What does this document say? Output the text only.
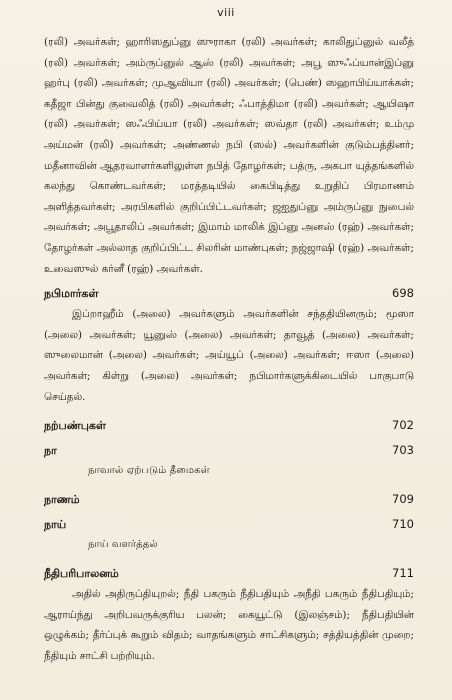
viii

(ரலி) அவர்கள்; ஹாரிஸதுப்னு ஸுராகா (ரலி) அவர்கள்; காலிதுப்னுல் வலீத் (ரலி) அவர்கள்; அம்ருப்னுல் ஆஸ் (ரலி) அவர்கள்; அபூ ஸுஃப்யான்இப்னு ஹர்பு (ரலி) அவர்கள்; முஆவியா (ரலி) அவர்கள்; (பெண்) ஸஹாபிய்யாக்கள்; கதீஜா பின்து குவைலித் (ரலி) அவர்கள்; ஃபாத்திமா (ரலி) அவர்கள்; ஆயிஷா (ரலி) அவர்கள்; ஸஃபிய்யா (ரலி) அவர்கள்; ஸவ்தா (ரலி) அவர்கள்; உம்மு அய்மன் (ரலி) அவர்கள்; அண்ணல் நபி (ஸல்) அவர்களின் குடும்பத்தினர்; மதீனாவின் ஆதரவாளர்களிலுள்ள நபித் தோழர்கள்; பத்ரு, அகபா யுத்தங்களில் கலந்து கொண்டவர்கள்; மரத்தடியில் கைபிடித்து உறுதிப் பிரமாணம் அளித்தவர்கள்; அரபிகளில் குறிப்பிட்டவர்கள்; ஜஐதுப்னு அம்ருப்னு நுபைல் அவர்கள்; அபூதாலிப் அவர்கள்; இமாம் மாலிக் இப்னு அனஸ் (ரஹ்) அவர்கள்; தோழர்கள் அல்லாத குறிப்பிட்ட சிலரின் மாண்புகள்; நஜ்ஜாஷி (ரஹ்) அவர்கள்; உவைஸுல் கர்னீ (ரஹ்) அவர்கள்.

நபிமார்கள்	698

இப்றாஹீம் (அலை) அவர்களும் அவர்களின் சந்ததியினரும்; மூஸா (அலை) அவர்கள்; யூனுஸ் (அலை) அவர்கள்; தாவூத் (அலை) அவர்கள்; ஸுலைமான் (அலை) அவர்கள்; அய்யூப் (அலை) அவர்கள்; ஈஸா (அலை) அவர்கள்; கிள்று (அலை) அவர்கள்; நபிமார்களுக்கிடையில் பாகுபாடு செய்தல்.

நற்பண்புகள்	702
நா	703
நாவால் ஏற்படும் தீமைகள்
நாணம்	709
நாய்	710
நாய் வளர்த்தல்
நீதிபரிபாலனம்	711

அதில் அதிருப்தியுறல்; நீதி பகரும் நீதிபதியும் அநீதி பகரும் நீதிபதியும்; ஆராய்ந்து அறிபவருக்குரிய பலன்; கையூட்டு (இலஞ்சம்); நீதிபதியின் ஒழுக்கம்; தீர்ப்புக் கூறும் விதம்; வாதங்களும் சாட்சிகளும்; சத்தியத்தின் முறை; நீதியும் சாட்சி பற்றியும்.
